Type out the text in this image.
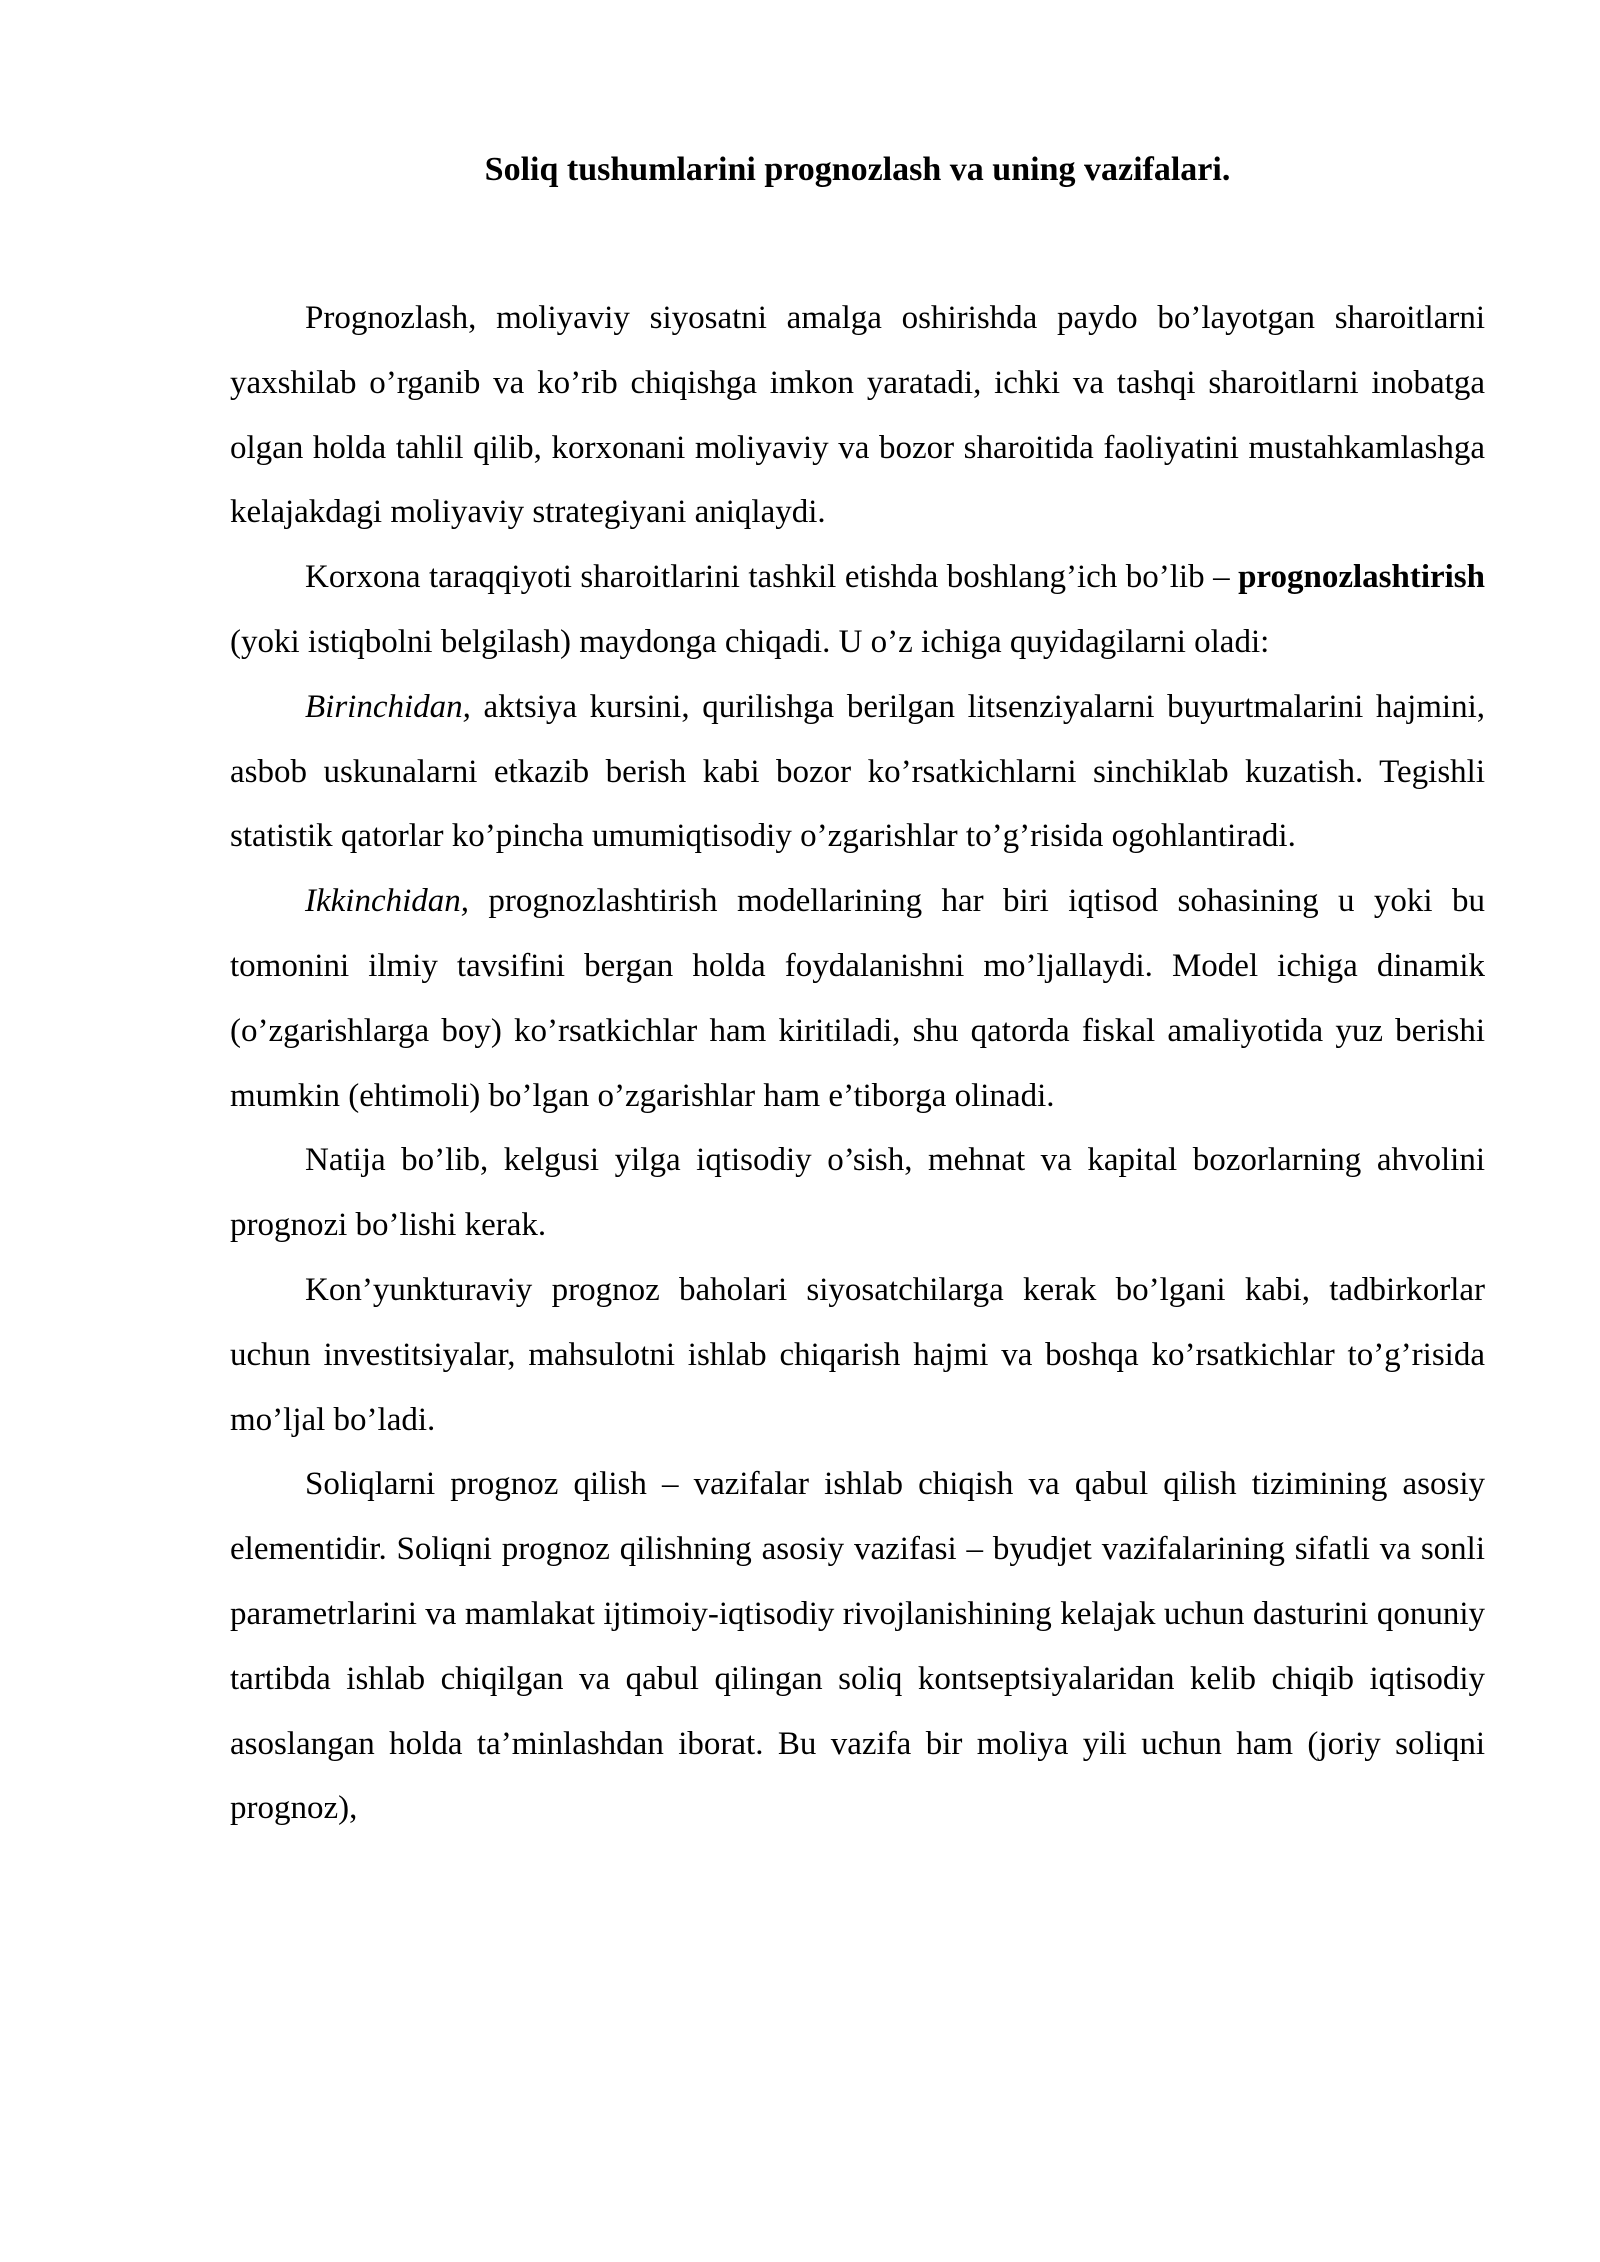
Soliq tushumlarini prognozlash va uning vazifalari.

Prognozlash, moliyaviy siyosatni amalga oshirishda paydo bo’layotgan sharoitlarni yaxshilab o’rganib va ko’rib chiqishga imkon yaratadi, ichki va tashqi sharoitlarni inobatga olgan holda tahlil qilib, korxonani moliyaviy va bozor sharoitida faoliyatini mustahkamlashga kelajakdagi moliyaviy strategiyani aniqlaydi.

Korxona taraqqiyoti sharoitlarini tashkil etishda boshlang’ich bo’lib – prognozlashtirish (yoki istiqbolni belgilash) maydonga chiqadi. U o’z ichiga quyidagilarni oladi:

Birinchidan, aktsiya kursini, qurilishga berilgan litsenziyalarni buyurtmalarini hajmini, asbob uskunalarni etkazib berish kabi bozor ko’rsatkichlarni sinchiklab kuzatish. Tegishli statistik qatorlar ko’pincha umumiqtisodiy o’zgarishlar to’g’risida ogohlantiradi.

Ikkinchidan, prognozlashtirish modellarining har biri iqtisod sohasining u yoki bu tomonini ilmiy tavsifini bergan holda foydalanishni mo’ljallaydi. Model ichiga dinamik (o’zgarishlarga boy) ko’rsatkichlar ham kiritiladi, shu qatorda fiskal amaliyotida yuz berishi mumkin (ehtimoli) bo’lgan o’zgarishlar ham e’tiborga olinadi.

Natija bo’lib, kelgusi yilga iqtisodiy o’sish, mehnat va kapital bozorlarning ahvolini prognozi bo’lishi kerak.

Kon’yunkturaviy prognoz baholari siyosatchilarga kerak bo’lgani kabi, tadbirkorlar uchun investitsiyalar, mahsulotni ishlab chiqarish hajmi va boshqa ko’rsatkichlar to’g’risida mo’ljal bo’ladi.

Soliqlarni prognoz qilish – vazifalar ishlab chiqish va qabul qilish tizimining asosiy elementidir. Soliqni prognoz qilishning asosiy vazifasi – byudjet vazifalarining sifatli va sonli parametrlarini va mamlakat ijtimoiy-iqtisodiy rivojlanishining kelajak uchun dasturini qonuniy tartibda ishlab chiqilgan va qabul qilingan soliq kontseptsiyalaridan kelib chiqib iqtisodiy asoslangan holda ta’minlashdan iborat. Bu vazifa bir moliya yili uchun ham (joriy soliqni prognoz),
